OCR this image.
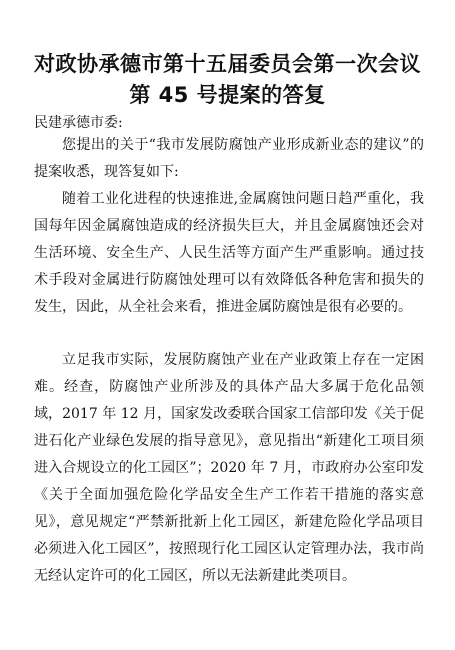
对政协承德市第十五届委员会第一次会议
第 45 号提案的答复
民建承德市委:

您提出的关于“我市发展防腐蚀产业形成新业态的建议”的提案收悉，现答复如下:

随着工业化进程的快速推进,金属腐蚀问题日趋严重化，我国每年因金属腐蚀造成的经济损失巨大，并且金属腐蚀还会对生活环境、安全生产、人民生活等方面产生严重影响。通过技术手段对金属进行防腐蚀处理可以有效降低各种危害和损失的发生，因此，从全社会来看，推进金属防腐蚀是很有必要的。

立足我市实际，发展防腐蚀产业在产业政策上存在一定困难。经查，防腐蚀产业所涉及的具体产品大多属于危化品领域，2017 年 12 月，国家发改委联合国家工信部印发《关于促进石化产业绿色发展的指导意见》，意见指出“新建化工项目须进入合规设立的化工园区”；2020 年 7 月，市政府办公室印发《关于全面加强危险化学品安全生产工作若干措施的落实意见》，意见规定“严禁新批新上化工园区，新建危险化学品项目必须进入化工园区”，按照现行化工园区认定管理办法，我市尚无经认定许可的化工园区，所以无法新建此类项目。
